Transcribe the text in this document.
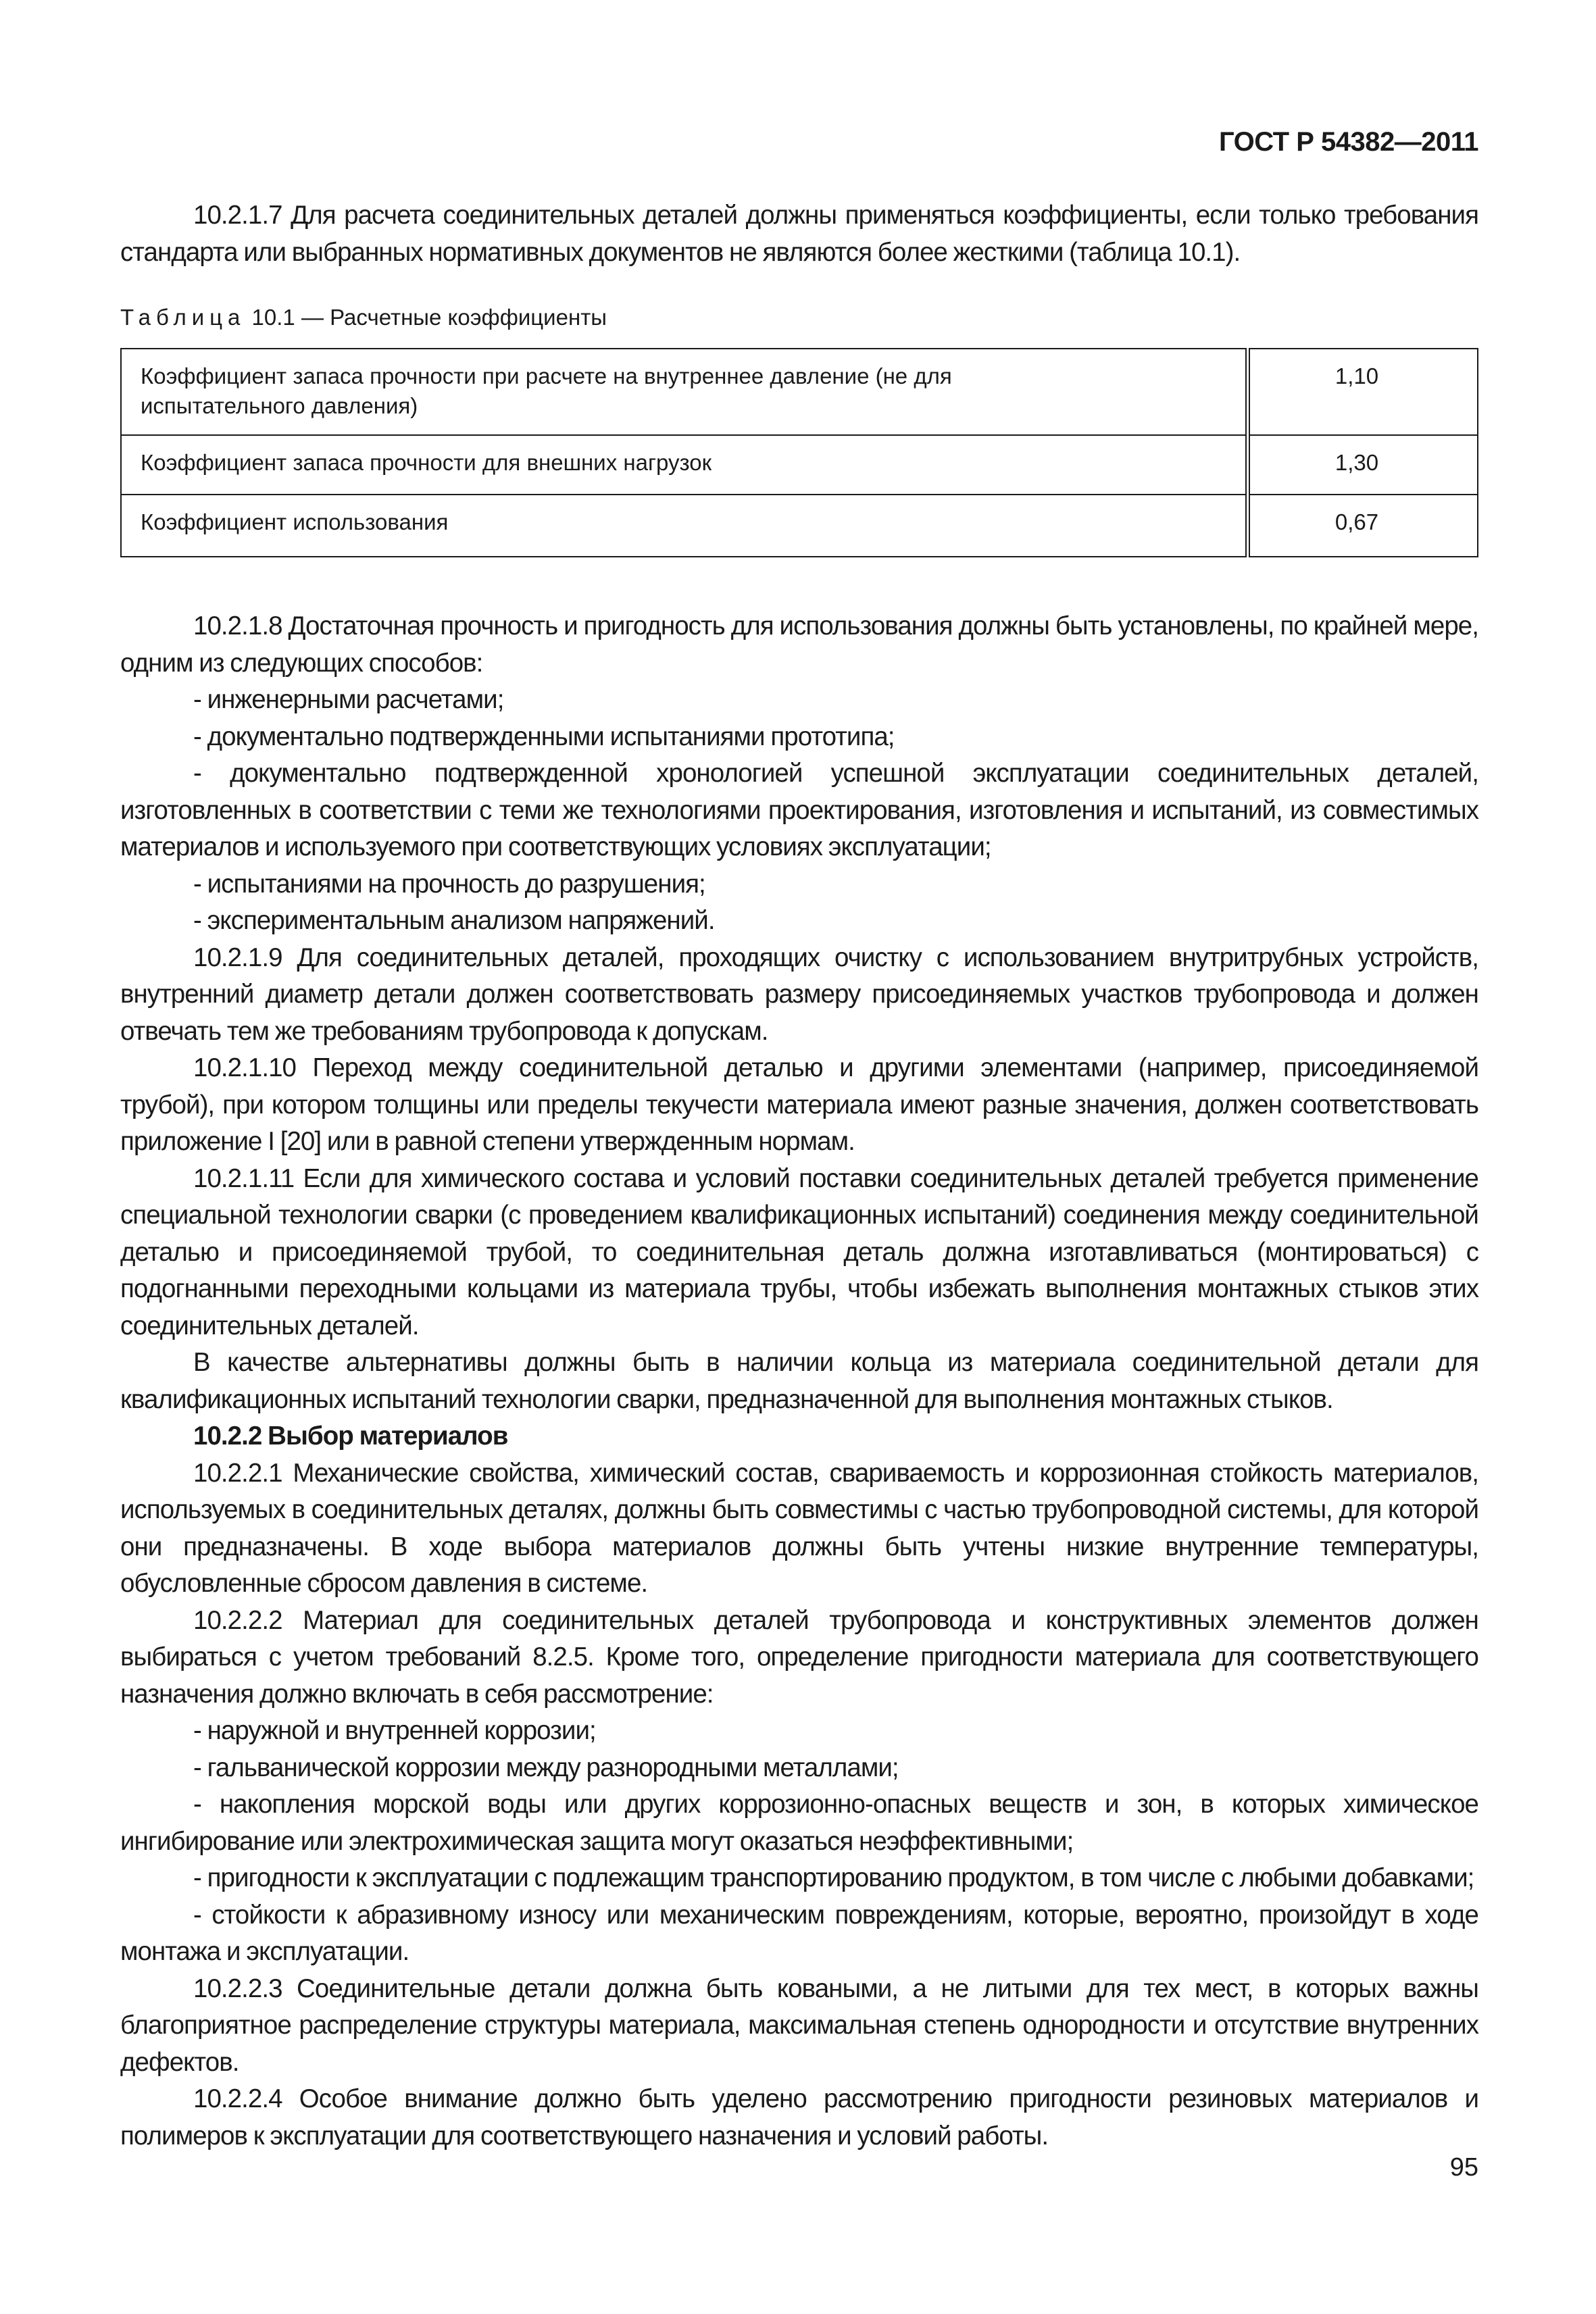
ГОСТ Р 54382—2011

10.2.1.7 Для расчета соединительных деталей должны применяться коэффициенты, если только требования стандарта или выбранных нормативных документов не являются более жесткими (таблица 10.1).

Таблица 10.1 — Расчетные коэффициенты
Коэффициент запаса прочности при расчете на внутреннее давление (не для испытательного давления)	1,10
Коэффициент запаса прочности для внешних нагрузок	1,30
Коэффициент использования	0,67

10.2.1.8 Достаточная прочность и пригодность для использования должны быть установлены, по крайней мере, одним из следующих способов:

- инженерными расчетами;

- документально подтвержденными испытаниями прототипа;

- документально подтвержденной хронологией успешной эксплуатации соединительных деталей, изготовленных в соответствии с теми же технологиями проектирования, изготовления и испытаний, из совместимых материалов и используемого при соответствующих условиях эксплуатации;

- испытаниями на прочность до разрушения;

- экспериментальным анализом напряжений.

10.2.1.9 Для соединительных деталей, проходящих очистку с использованием внутритрубных устройств, внутренний диаметр детали должен соответствовать размеру присоединяемых участков трубопровода и должен отвечать тем же требованиям трубопровода к допускам.

10.2.1.10 Переход между соединительной деталью и другими элементами (например, присоединяемой трубой), при котором толщины или пределы текучести материала имеют разные значения, должен соответствовать приложение I [20] или в равной степени утвержденным нормам.

10.2.1.11 Если для химического состава и условий поставки соединительных деталей требуется применение специальной технологии сварки (с проведением квалификационных испытаний) соединения между соединительной деталью и присоединяемой трубой, то соединительная деталь должна изготавливаться (монтироваться) с подогнанными переходными кольцами из материала трубы, чтобы избежать выполнения монтажных стыков этих соединительных деталей.

В качестве альтернативы должны быть в наличии кольца из материала соединительной детали для квалификационных испытаний технологии сварки, предназначенной для выполнения монтажных стыков.

10.2.2 Выбор материалов

10.2.2.1 Механические свойства, химический состав, свариваемость и коррозионная стойкость материалов, используемых в соединительных деталях, должны быть совместимы с частью трубопроводной системы, для которой они предназначены. В ходе выбора материалов должны быть учтены низкие внутренние температуры, обусловленные сбросом давления в системе.

10.2.2.2 Материал для соединительных деталей трубопровода и конструктивных элементов должен выбираться с учетом требований 8.2.5. Кроме того, определение пригодности материала для соответствующего назначения должно включать в себя рассмотрение:

- наружной и внутренней коррозии;

- гальванической коррозии между разнородными металлами;

- накопления морской воды или других коррозионно-опасных веществ и зон, в которых химическое ингибирование или электрохимическая защита могут оказаться неэффективными;

- пригодности к эксплуатации с подлежащим транспортированию продуктом, в том числе с любыми добавками;

- стойкости к абразивному износу или механическим повреждениям, которые, вероятно, произойдут в ходе монтажа и эксплуатации.

10.2.2.3 Соединительные детали должна быть коваными, а не литыми для тех мест, в которых важны благоприятное распределение структуры материала, максимальная степень однородности и отсутствие внутренних дефектов.

10.2.2.4 Особое внимание должно быть уделено рассмотрению пригодности резиновых материалов и полимеров к эксплуатации для соответствующего назначения и условий работы.

95
